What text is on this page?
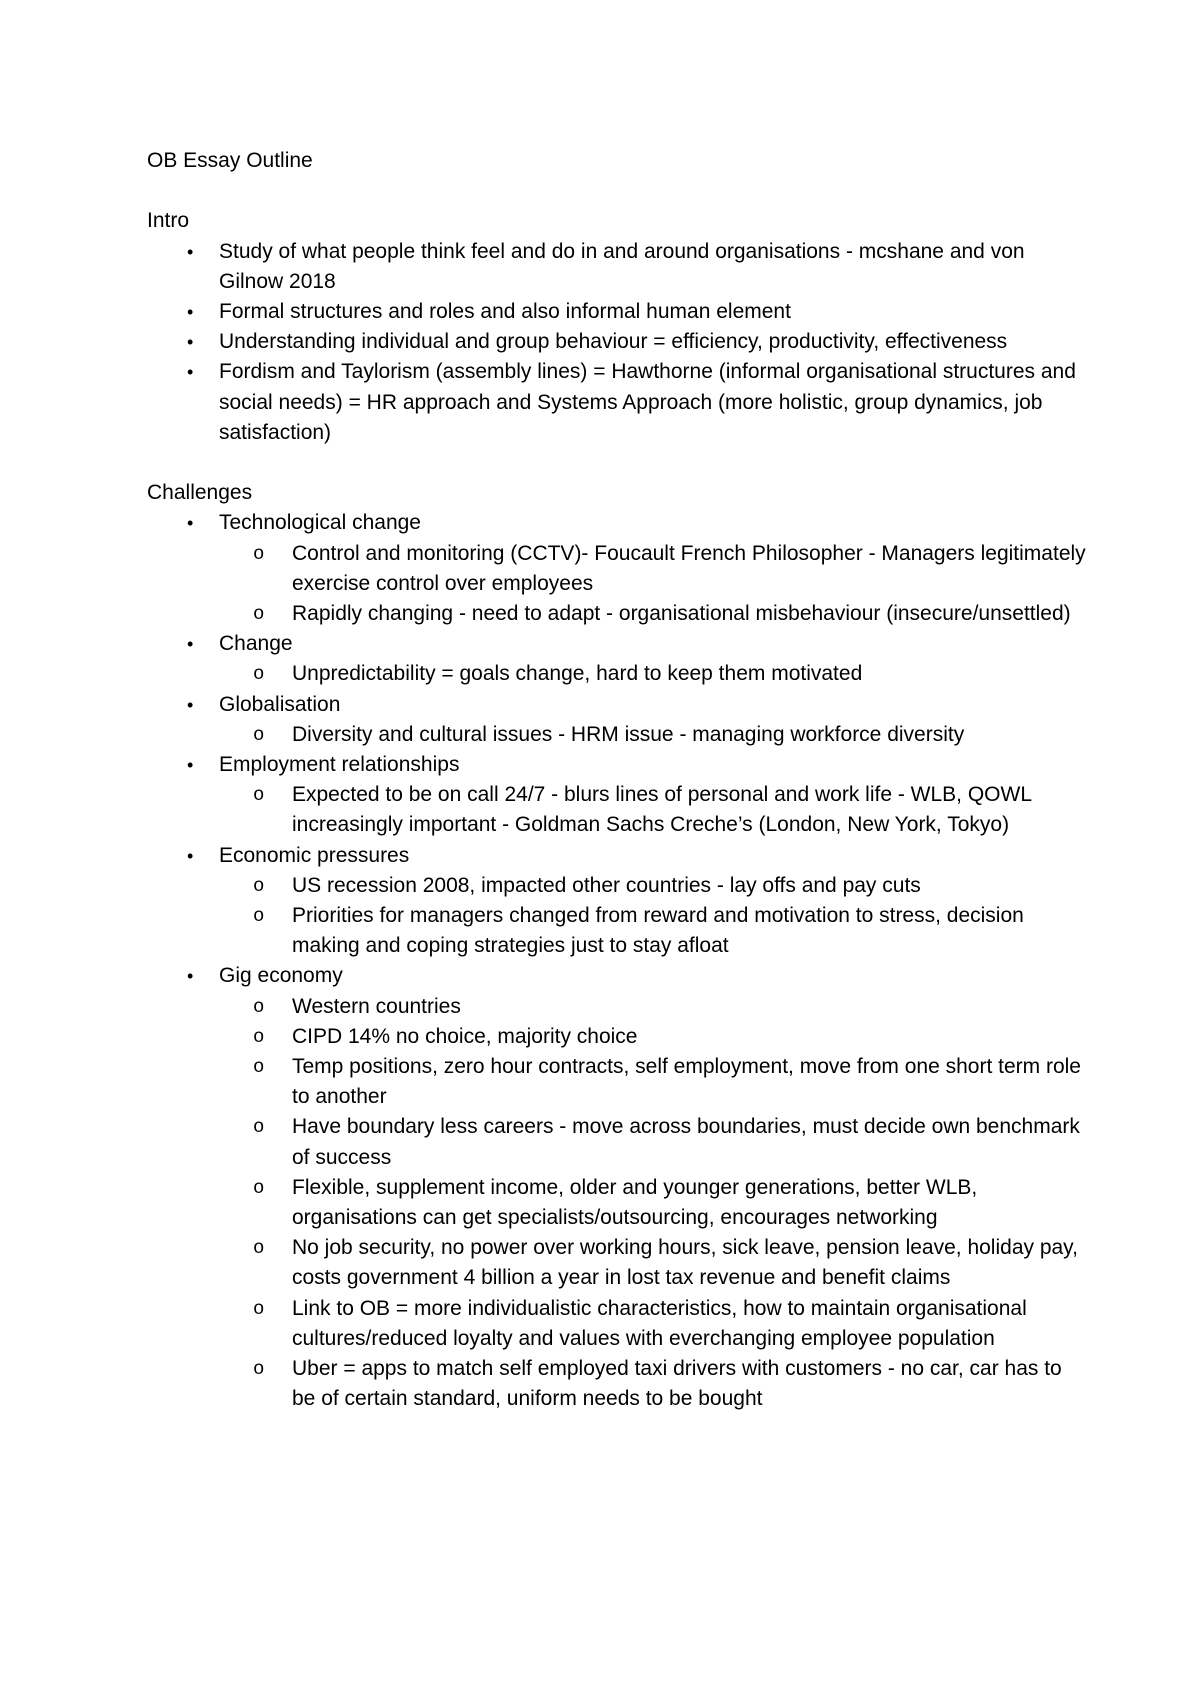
OB Essay Outline
Intro
•	Study of what people think feel and do in and around organisations - mcshane and von Gilnow 2018
•	Formal structures and roles and also informal human element
•	Understanding individual and group behaviour = efficiency, productivity, effectiveness
•	Fordism and Taylorism (assembly lines) = Hawthorne (informal organisational structures and social needs) = HR approach and Systems Approach (more holistic, group dynamics, job satisfaction)
Challenges
•	Technological change
o Control and monitoring (CCTV)- Foucault French Philosopher - Managers legitimately exercise control over employees
o Rapidly changing - need to adapt - organisational misbehaviour (insecure/unsettled)
•	Change
o Unpredictability = goals change, hard to keep them motivated
•	Globalisation
o Diversity and cultural issues - HRM issue - managing workforce diversity
•	Employment relationships
o Expected to be on call 24/7 - blurs lines of personal and work life - WLB, QOWL increasingly important - Goldman Sachs Creche’s (London, New York, Tokyo)
•	Economic pressures
o US recession 2008, impacted other countries - lay offs and pay cuts
o Priorities for managers changed from reward and motivation to stress, decision making and coping strategies just to stay afloat
•	Gig economy
o Western countries
o CIPD 14% no choice, majority choice
o Temp positions, zero hour contracts, self employment, move from one short term role to another
o Have boundary less careers - move across boundaries, must decide own benchmark of success
o Flexible, supplement income, older and younger generations, better WLB, organisations can get specialists/outsourcing, encourages networking
o No job security, no power over working hours, sick leave, pension leave, holiday pay, costs government 4 billion a year in lost tax revenue and benefit claims
o Link to OB = more individualistic characteristics, how to maintain organisational cultures/reduced loyalty and values with everchanging employee population
o Uber = apps to match self employed taxi drivers with customers - no car, car has to be of certain standard, uniform needs to be bought
